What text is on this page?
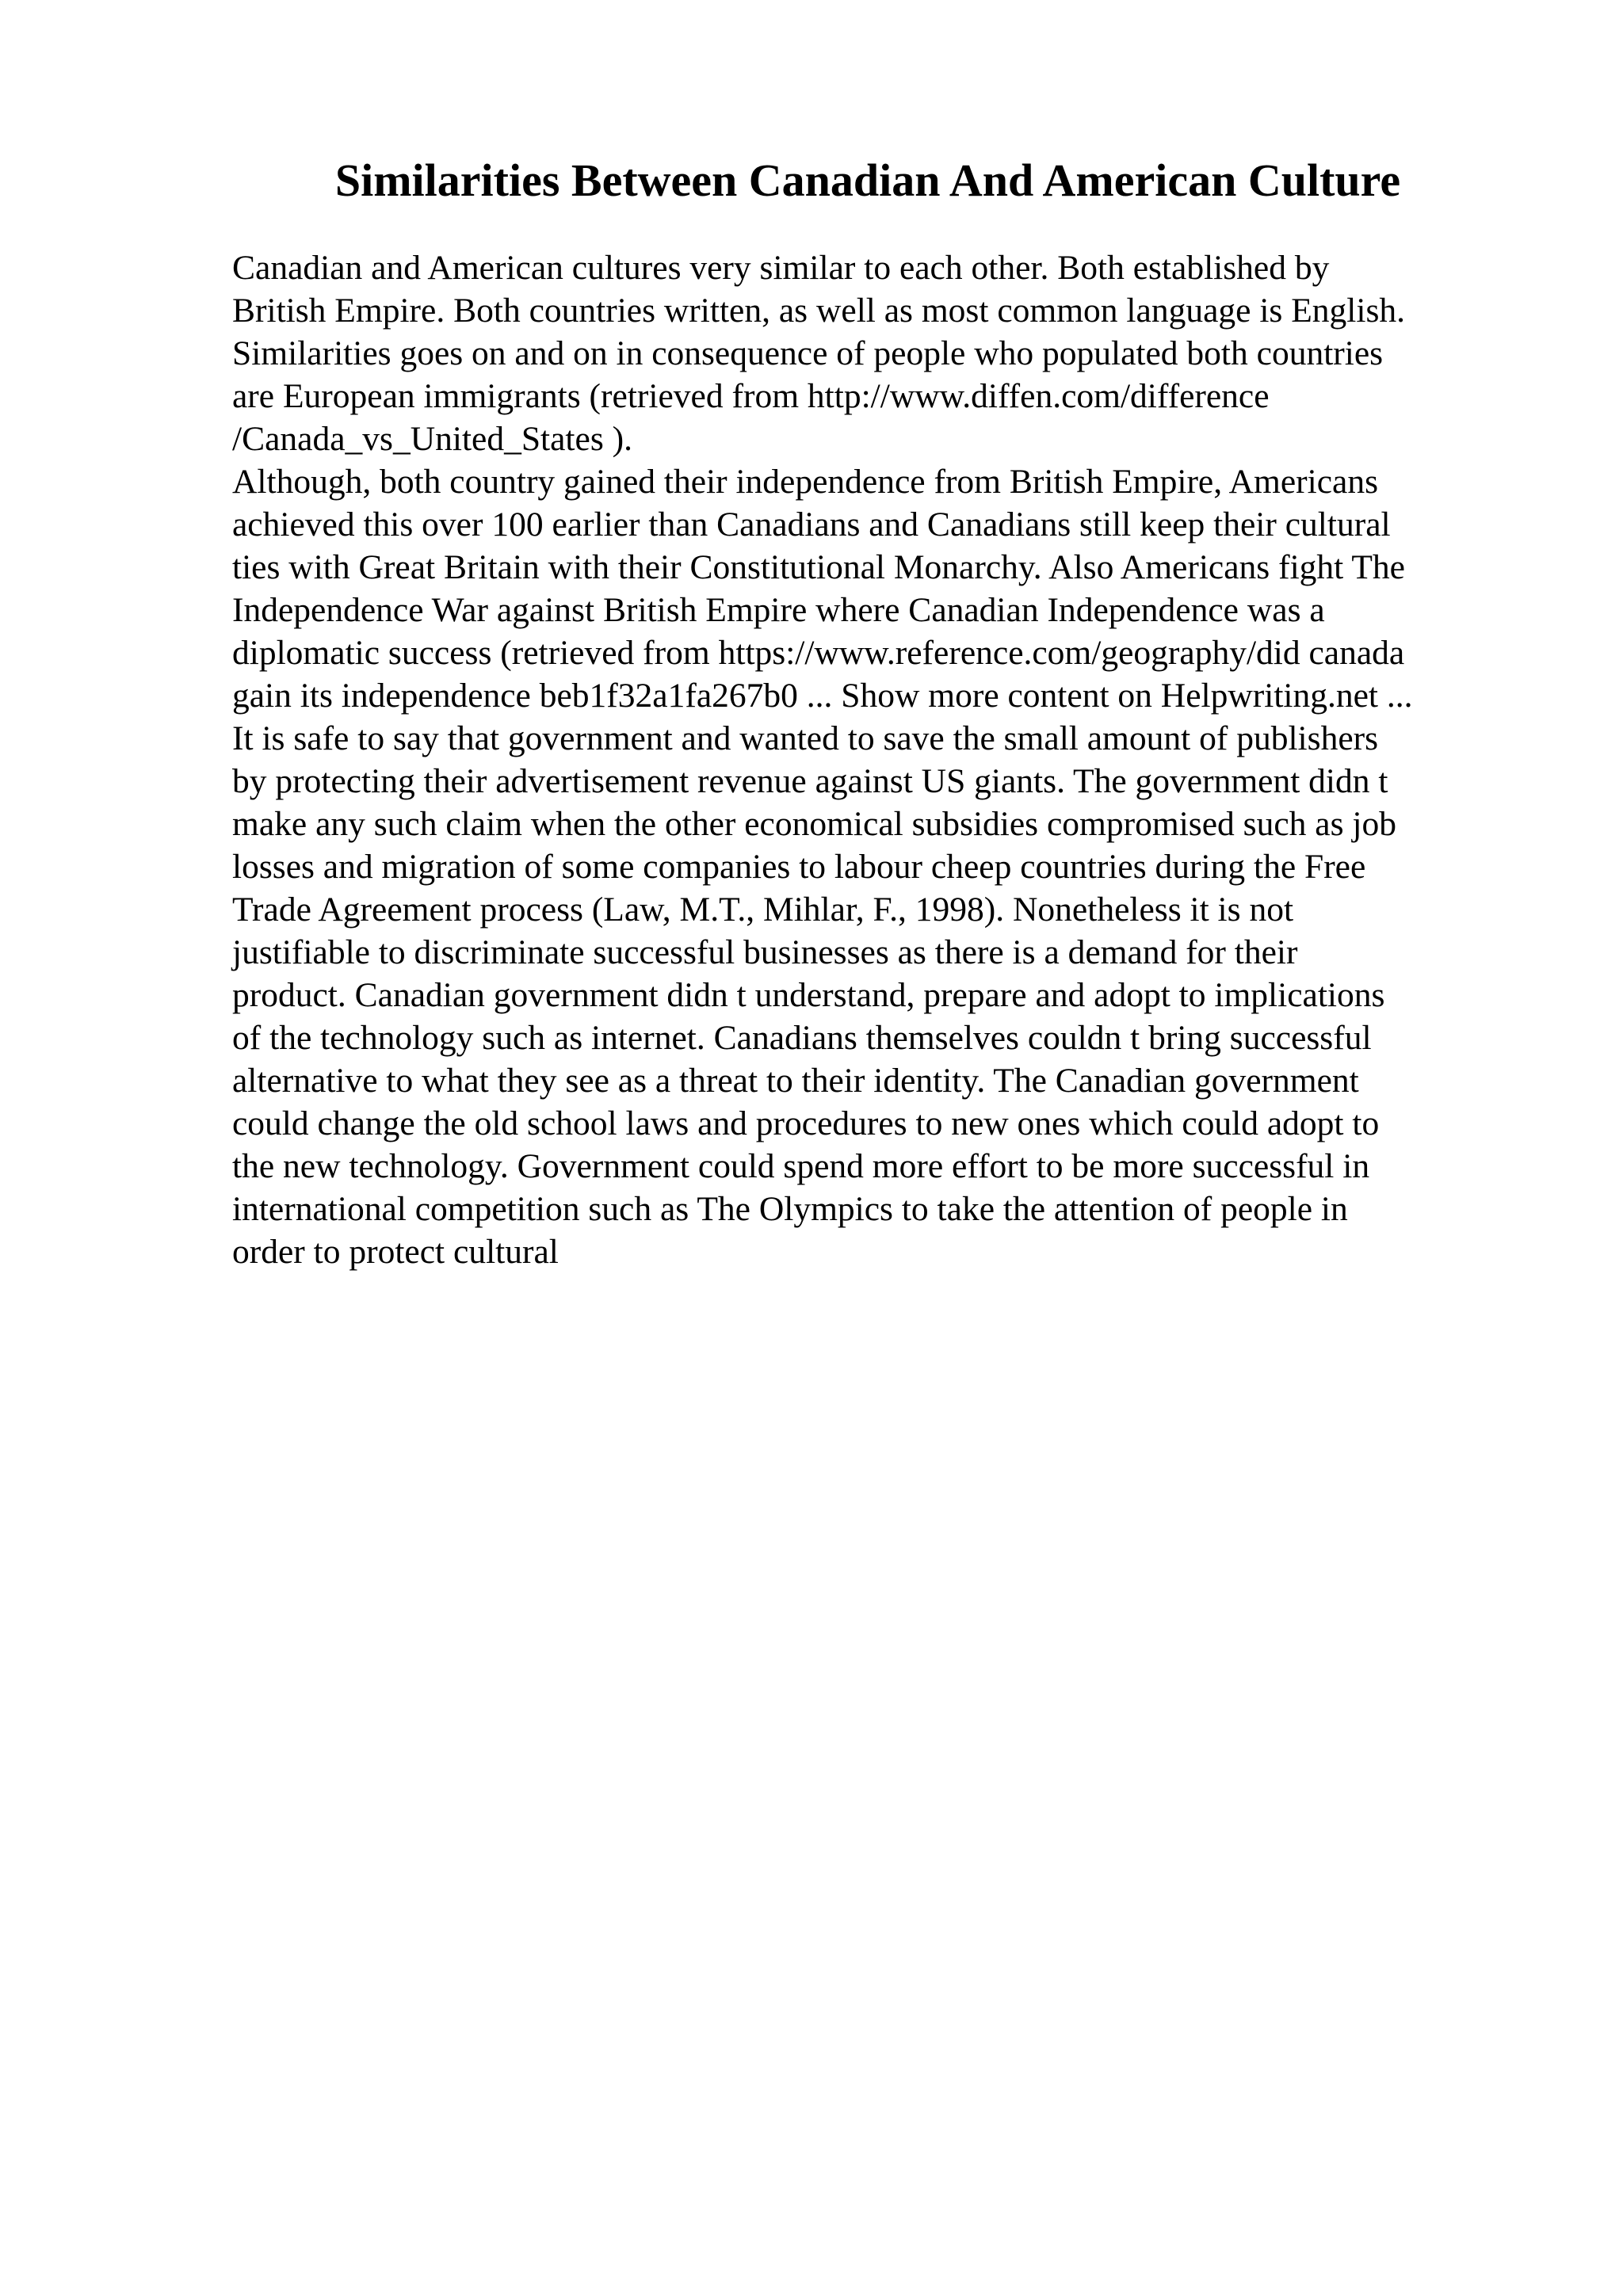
Similarities Between Canadian And American Culture
Canadian and American cultures very similar to each other. Both established by
British Empire. Both countries written, as well as most common language is English.
Similarities goes on and on in consequence of people who populated both countries
are European immigrants (retrieved from http://www.diffen.com/difference
/Canada_vs_United_States ).
Although, both country gained their independence from British Empire, Americans
achieved this over 100 earlier than Canadians and Canadians still keep their cultural
ties with Great Britain with their Constitutional Monarchy. Also Americans fight The
Independence War against British Empire where Canadian Independence was a
diplomatic success (retrieved from https://www.reference.com/geography/did canada
gain its independence beb1f32a1fa267b0 ... Show more content on Helpwriting.net ...
It is safe to say that government and wanted to save the small amount of publishers
by protecting their advertisement revenue against US giants. The government didn t
make any such claim when the other economical subsidies compromised such as job
losses and migration of some companies to labour cheep countries during the Free
Trade Agreement process (Law, M.T., Mihlar, F., 1998). Nonetheless it is not
justifiable to discriminate successful businesses as there is a demand for their
product. Canadian government didn t understand, prepare and adopt to implications
of the technology such as internet. Canadians themselves couldn t bring successful
alternative to what they see as a threat to their identity. The Canadian government
could change the old school laws and procedures to new ones which could adopt to
the new technology. Government could spend more effort to be more successful in
international competition such as The Olympics to take the attention of people in
order to protect cultural
